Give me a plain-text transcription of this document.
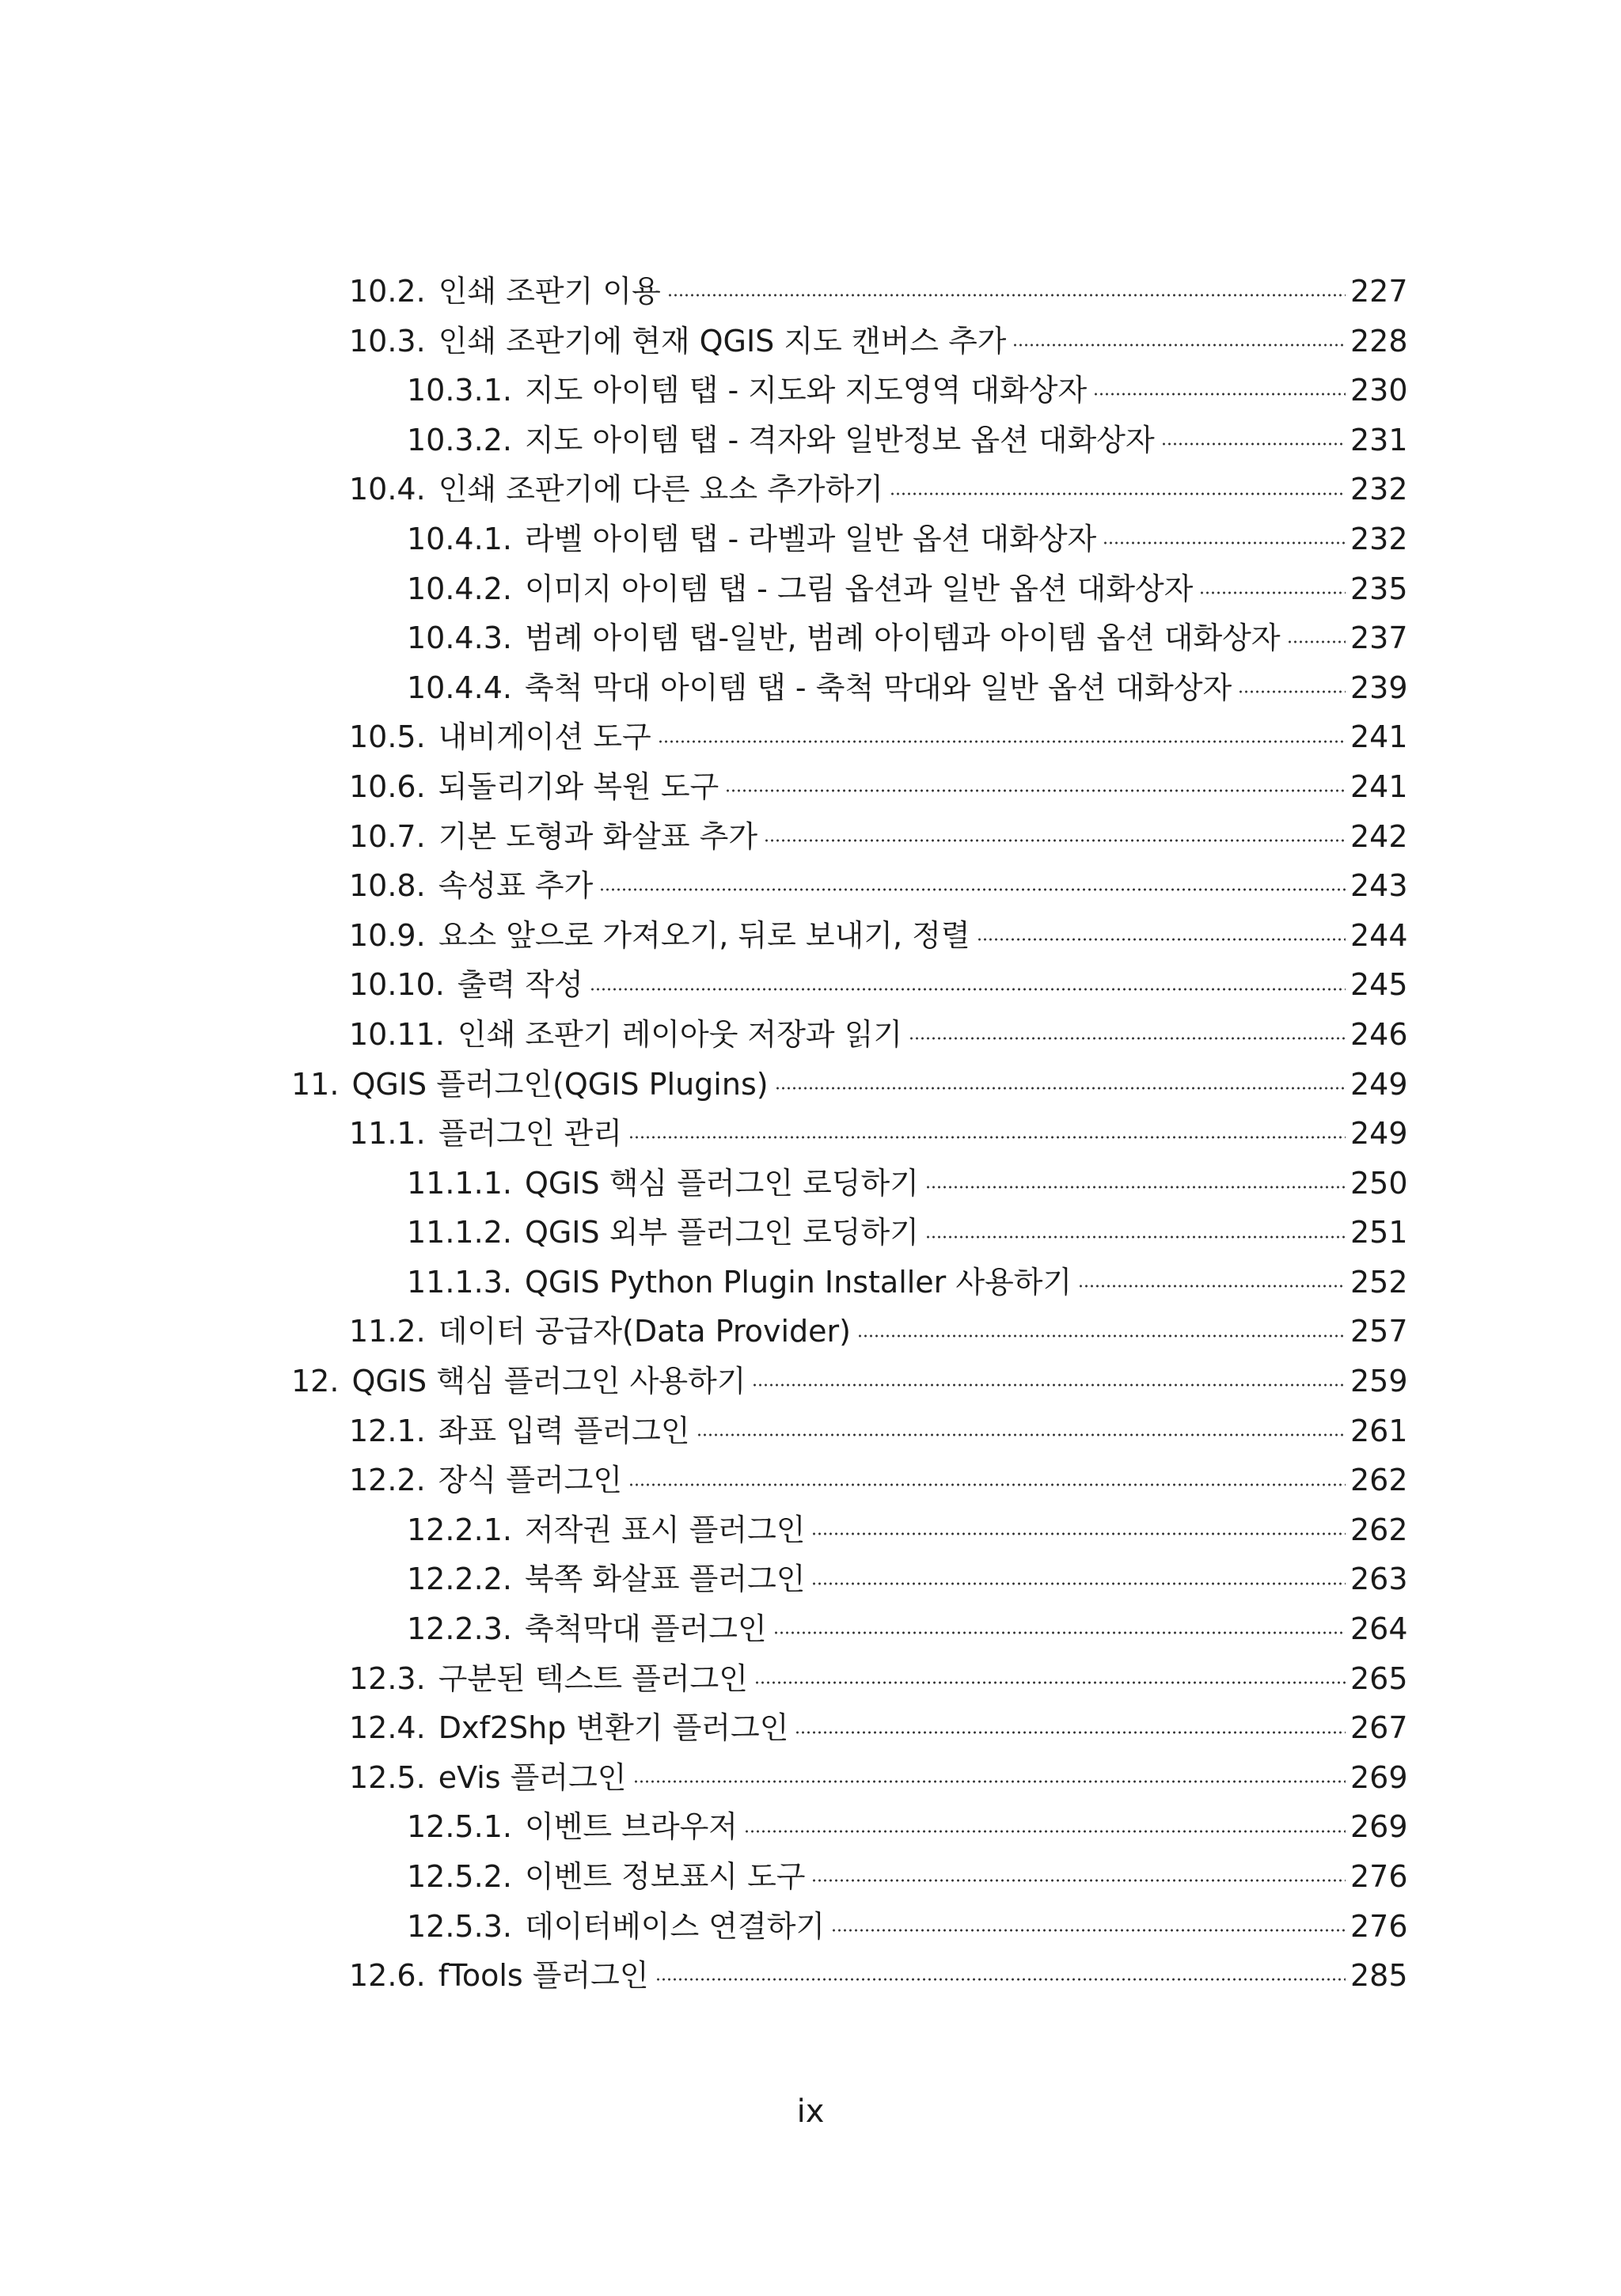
10.2. 인쇄 조판기 이용	227
10.3. 인쇄 조판기에 현재 QGIS 지도 캔버스 추가	228
10.3.1. 지도 아이템 탭 - 지도와 지도영역 대화상자	230
10.3.2. 지도 아이템 탭 - 격자와 일반정보 옵션 대화상자	231
10.4. 인쇄 조판기에 다른 요소 추가하기	232
10.4.1. 라벨 아이템 탭 - 라벨과 일반 옵션 대화상자	232
10.4.2. 이미지 아이템 탭 - 그림 옵션과 일반 옵션 대화상자	235
10.4.3. 범례 아이템 탭-일반, 범례 아이템과 아이템 옵션 대화상자 237
10.4.4. 축척 막대 아이템 탭 - 축척 막대와 일반 옵션 대화상자	239
10.5. 내비게이션 도구	241
10.6. 되돌리기와 복원 도구	241
10.7. 기본 도형과 화살표 추가	242
10.8. 속성표 추가	243
10.9. 요소 앞으로 가져오기, 뒤로 보내기, 정렬	244
10.10. 출력 작성	245
10.11. 인쇄 조판기 레이아웃 저장과 읽기	246
11. QGIS 플러그인(QGIS Plugins)	249
11.1. 플러그인 관리	249
11.1.1. QGIS 핵심 플러그인 로딩하기	250
11.1.2. QGIS 외부 플러그인 로딩하기	251
11.1.3. QGIS Python Plugin Installer 사용하기	252
11.2. 데이터 공급자(Data Provider)	257
12. QGIS 핵심 플러그인 사용하기	259
12.1. 좌표 입력 플러그인	261
12.2. 장식 플러그인	262
12.2.1. 저작권 표시 플러그인	262
12.2.2. 북쪽 화살표 플러그인	263
12.2.3. 축척막대 플러그인	264
12.3. 구분된 텍스트 플러그인	265
12.4. Dxf2Shp 변환기 플러그인	267
12.5. eVis 플러그인	269
12.5.1. 이벤트 브라우저	269
12.5.2. 이벤트 정보표시 도구	276
12.5.3. 데이터베이스 연결하기	276
12.6. fTools 플러그인	285
ix
